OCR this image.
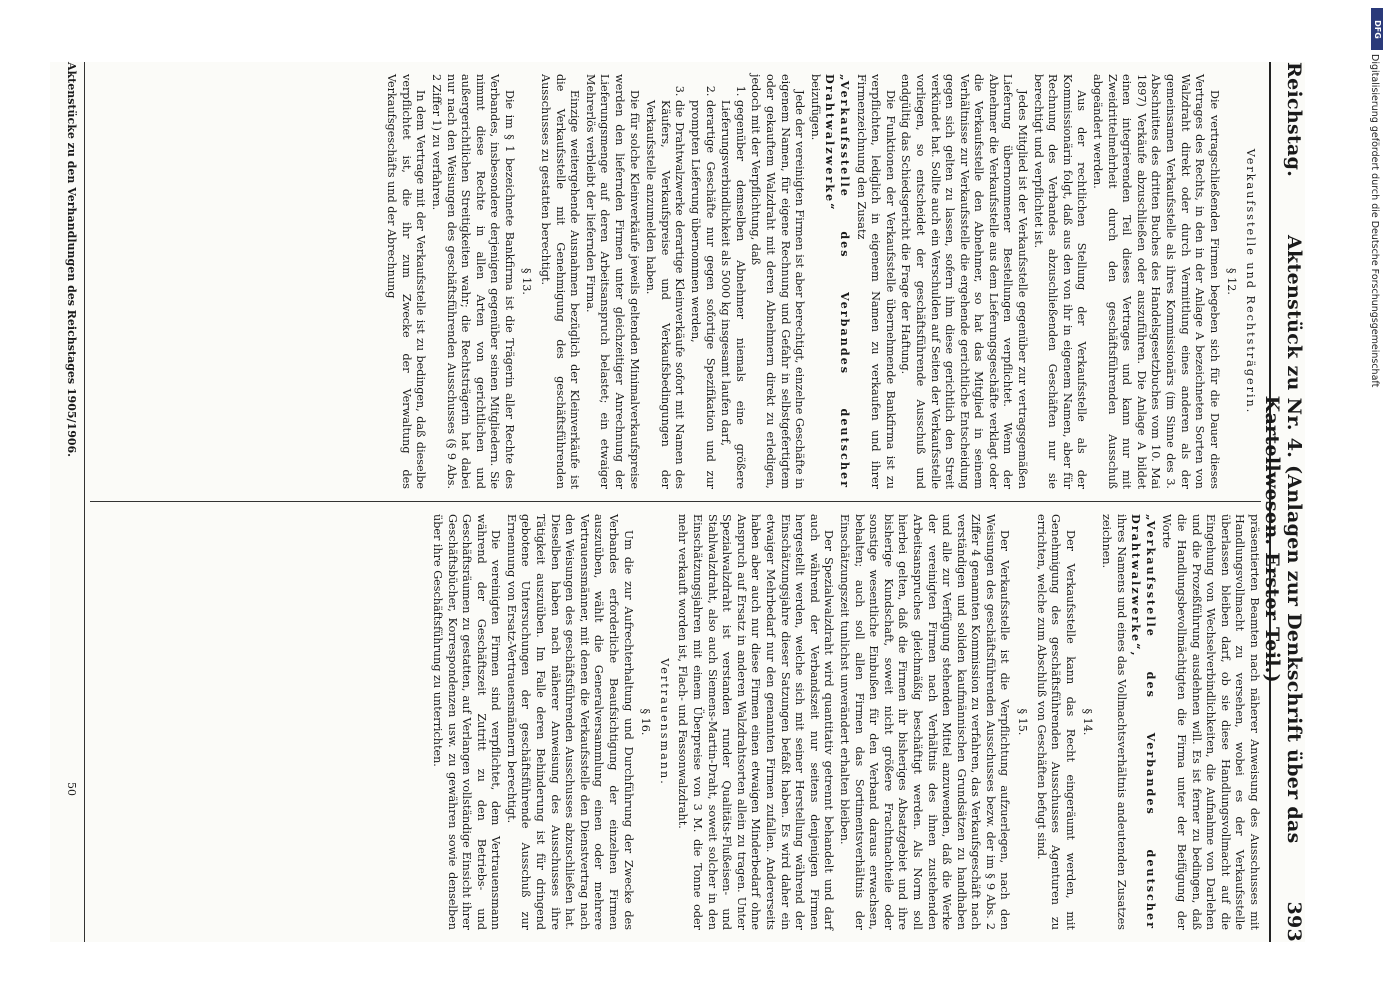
Reichstag.
Aktenstück zu Nr. 4. (Anlagen zur Denkschrift über das Kartellwesen. Erster Teil.)
393

Verkaufsstelle und Rechtsträgerin.

§ 12.

Die vertragschließenden Firmen begeben sich für die Dauer dieses Vertrages des Rechts, in den in der Anlage A bezeichneten Sorten von Walzdraht direkt oder durch Vermittlung eines anderen als der gemeinsamen Verkaufsstelle als ihres Kommissionärs (im Sinne des 3. Abschnittes des dritten Buches des Handelsgesetzbuches vom 10. Mai 1897) Verkäufe abzuschließen oder auszuführen. Die Anlage A bildet einen integrierenden Teil dieses Vertrages und kann nur mit Zweidrittelmehrheit durch den geschäftsführenden Ausschuß abgeändert werden.

Aus der rechtlichen Stellung der Verkaufsstelle als der Kommissionärin folgt, daß aus den von ihr in eigenem Namen, aber für Rechnung des Verbandes abzuschließenden Geschäften nur sie berechtigt und verpflichtet ist.

Jedes Mitglied ist der Verkaufsstelle gegenüber zur vertragsgemäßen Lieferung übernommener Bestellungen verpflichtet. Wenn der Abnehmer die Verkaufsstelle aus dem Lieferungsgeschäfte verklagt oder die Verkaufsstelle den Abnehmer, so hat das Mitglied in seinem Verhältnisse zur Verkaufsstelle die ergehende gerichtliche Entscheidung gegen sich gelten zu lassen, sofern ihm diese gerichtlich den Streit verkündet hat. Sollte auch ein Verschulden auf Seiten der Verkaufsstelle vorliegen, so entscheidet der geschäftsführende Ausschuß und endgültig das Schiedsgericht die Frage der Haftung.

Die Funktionen der Verkaufsstelle übernehmende Bankfirma ist zu verpflichten, lediglich in eigenem Namen zu verkaufen und ihrer Firmenzeichnung den Zusatz

„Verkaufsstelle des Verbandes deutscher Drahtwalzwerke“

beizufügen.

Jede der vereinigten Firmen ist aber berechtigt, einzelne Geschäfte in eigenem Namen, für eigene Rechnung und Gefahr in selbstgefertigtem oder gekauftem Walzdraht mit deren Abnehmern direkt zu erledigen, jedoch mit der Verpflichtung, daß

1. gegenüber demselben Abnehmer niemals eine größere Lieferungsverbindlichkeit als 5000 kg insgesamt laufen darf,
2. derartige Geschäfte nur gegen sofortige Spezifikation und zur prompten Lieferung übernommen werden,
3. die Drahtwalzwerke derartige Kleinverkäufe sofort mit Namen des Käufers, Verkaufspreise und Verkaufsbedingungen der Verkaufsstelle anzumelden haben.

Die für solche Kleinverkäufe jeweils geltenden Minimalverkaufspreise werden den liefernden Firmen unter gleichzeitiger Anrechnung der Lieferungsmenge auf deren Arbeitsanspruch belastet; ein etwaiger Mehrerlös verbleibt der liefernden Firma.

Einzige weitergehende Ausnahmen bezüglich der Kleinverkäufe ist die Verkaufsstelle mit Genehmigung des geschäftsführenden Ausschusses zu gestatten berechtigt.

§ 13.

Die im § 1 bezeichnete Bankfirma ist die Trägerin aller Rechte des Verbandes, insbesondere derjenigen gegenüber seinen Mitgliedern. Sie nimmt diese Rechte in allen Arten von gerichtlichen und außergerichtlichen Streitigkeiten wahr; die Rechtsträgerin hat dabei nur nach den Weisungen des geschäftsführenden Ausschusses (§ 9 Abs. 2 Ziffer 1) zu verfahren.

In dem Vertrage mit der Verkaufsstelle ist zu bedingen, daß dieselbe verpflichtet ist, die ihr zum Zwecke der Verwaltung des Verkaufsgeschäfts und der Abrechnung

präsentierten Beamten nach näherer Anweisung des Ausschusses mit Handlungsvollmacht zu versehen, wobei es der Verkaufsstelle überlassen bleiben darf, ob sie diese Handlungsvollmacht auf die Eingehung von Wechselverbindlichkeiten, die Aufnahme von Darlehen und die Prozeßführung ausdehnen will. Es ist ferner zu bedingen, daß die Handlungsbevollmächtigten die Firma unter der Beifügung der Worte

„Verkaufsstelle des Verbandes deutscher Drahtwalzwerke“,

ihres Namens und eines das Vollmachtsverhältnis andeutenden Zusatzes zeichnen.

§ 14.

Der Verkaufsstelle kann das Recht eingeräumt werden, mit Genehmigung des geschäftsführenden Ausschusses Agenturen zu errichten, welche zum Abschluß von Geschäften befugt sind.

§ 15.

Der Verkaufsstelle ist die Verpflichtung aufzuerlegen, nach den Weisungen des geschäftsführenden Ausschusses bezw. der im § 9 Abs. 2 Ziffer 4 genannten Kommission zu verfahren, das Verkaufsgeschäft nach verständigen und soliden kaufmännischen Grundsätzen zu handhaben und alle zur Verfügung stehenden Mittel anzuwenden, daß die Werke der vereinigten Firmen nach Verhältnis des ihnen zustehenden Arbeitsanspruches gleichmäßig beschäftigt werden. Als Norm soll hierbei gelten, daß die Firmen ihr bisheriges Absatzgebiet und ihre bisherige Kundschaft, soweit nicht größere Frachtnachteile oder sonstige wesentliche Einbußen für den Verband daraus erwachsen, behalten; auch soll allen Firmen das Sortimentsverhältnis der Einschätzungszeit tunlichst unverändert erhalten bleiben.

Der Spezialwalzdraht wird quantitativ getrennt behandelt und darf auch während der Verbandszeit nur seitens denjenigen Firmen hergestellt werden, welche sich mit seiner Herstellung während der Einschätzungsjahre dieser Satzungen befaßt haben. Es wird daher ein etwaiger Mehrbedarf nur den genannten Firmen zufallen. Andererseits haben aber auch nur diese Firmen einen etwaigen Minderbedarf ohne Anspruch auf Ersatz in anderen Walzdrahtsorten allein zu tragen. Unter Spezialwalzdraht ist verstanden runder Qualitäts-Flußeisen- und Stahlwalzdraht, also auch Siemens-Martin-Draht, soweit solcher in den Einschätzungsjahren mit einem Überpreise von 3 M. die Tonne oder mehr verkauft worden ist, Flach- und Fassonwalzdraht.

Vertrauensmann.

§ 16.

Um die zur Aufrechterhaltung und Durchführung der Zwecke des Verbandes erforderliche Beaufsichtigung der einzelnen Firmen auszuüben, wählt die Generalversammlung einen oder mehrere Vertrauensmänner, mit denen die Verkaufsstelle den Dienstvertrag nach den Weisungen des geschäftsführenden Ausschusses abzuschließen hat. Dieselben haben nach näherer Anweisung des Ausschusses ihre Tätigkeit auszuüben. Im Falle deren Behinderung ist für dringend gebotene Untersuchungen der geschäftsführende Ausschuß zur Ernennung von Ersatz-Vertrauensmännern berechtigt.

Die vereinigten Firmen sind verpflichtet, dem Vertrauensmann während der Geschäftszeit Zutritt zu den Betriebs- und Geschäftsräumen zu gestatten, auf Verlangen vollständige Einsicht ihrer Geschäftsbücher, Korrespondenzen usw. zu gewähren sowie denselben über ihre Geschäftsführung zu unterrichten.

Aktenstücke zu den Verhandlungen des Reichstages 1905/1906.
50
DFG
Digitalisierung gefördert durch die Deutsche Forschungsgemeinschaft
